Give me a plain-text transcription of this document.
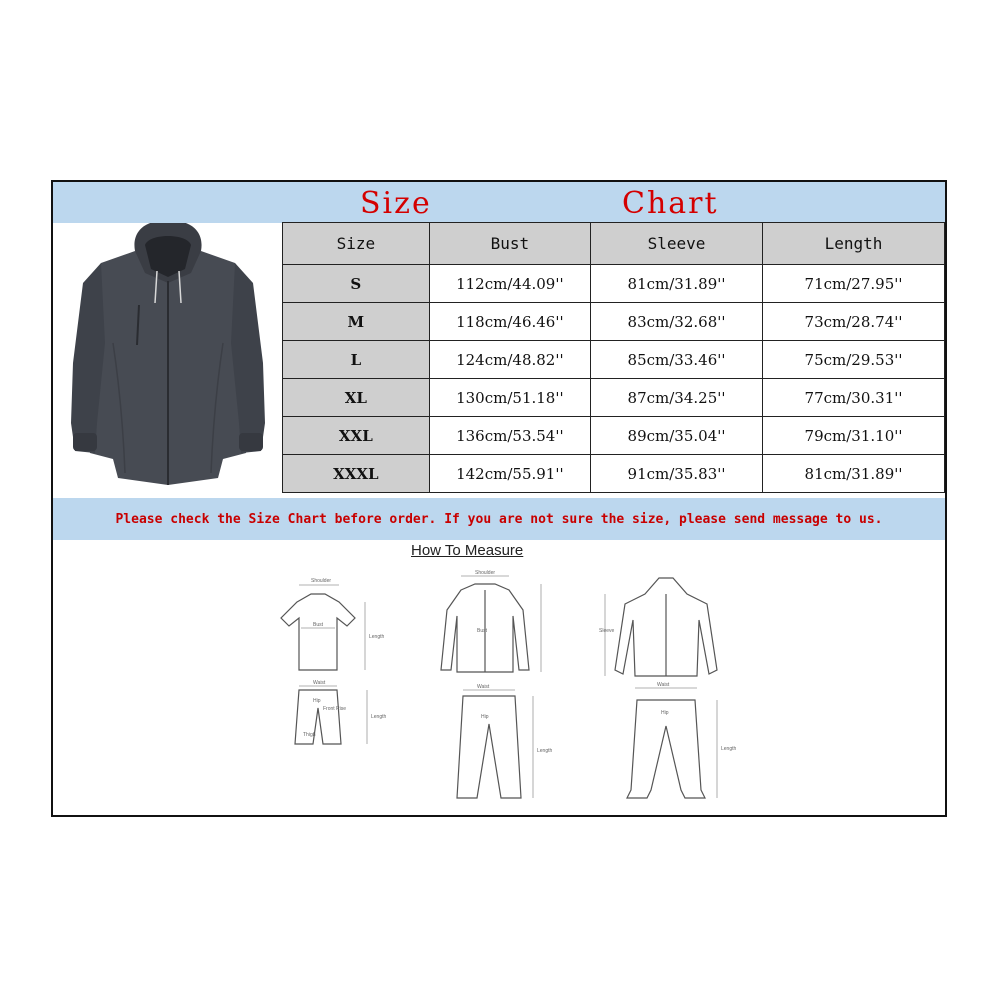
Size	Chart
Size	Bust	Sleeve	Length
S	112cm/44.09''	81cm/31.89''	71cm/27.95''
M	118cm/46.46''	83cm/32.68''	73cm/28.74''
L	124cm/48.82''	85cm/33.46''	75cm/29.53''
XL	130cm/51.18''	87cm/34.25''	77cm/30.31''
XXL	136cm/53.54''	89cm/35.04''	79cm/31.10''
XXXL	142cm/55.91''	91cm/35.83''	81cm/31.89''
Please check the Size Chart before order. If you are not sure the size, please send message to us.
How To Measure
Shoulder
Bust
Length
Waist
Hip
Front Rise
Thigh
Length
Shoulder
Bust
Waist
Hip
Length
Sleeve
Waist
Hip
Length
